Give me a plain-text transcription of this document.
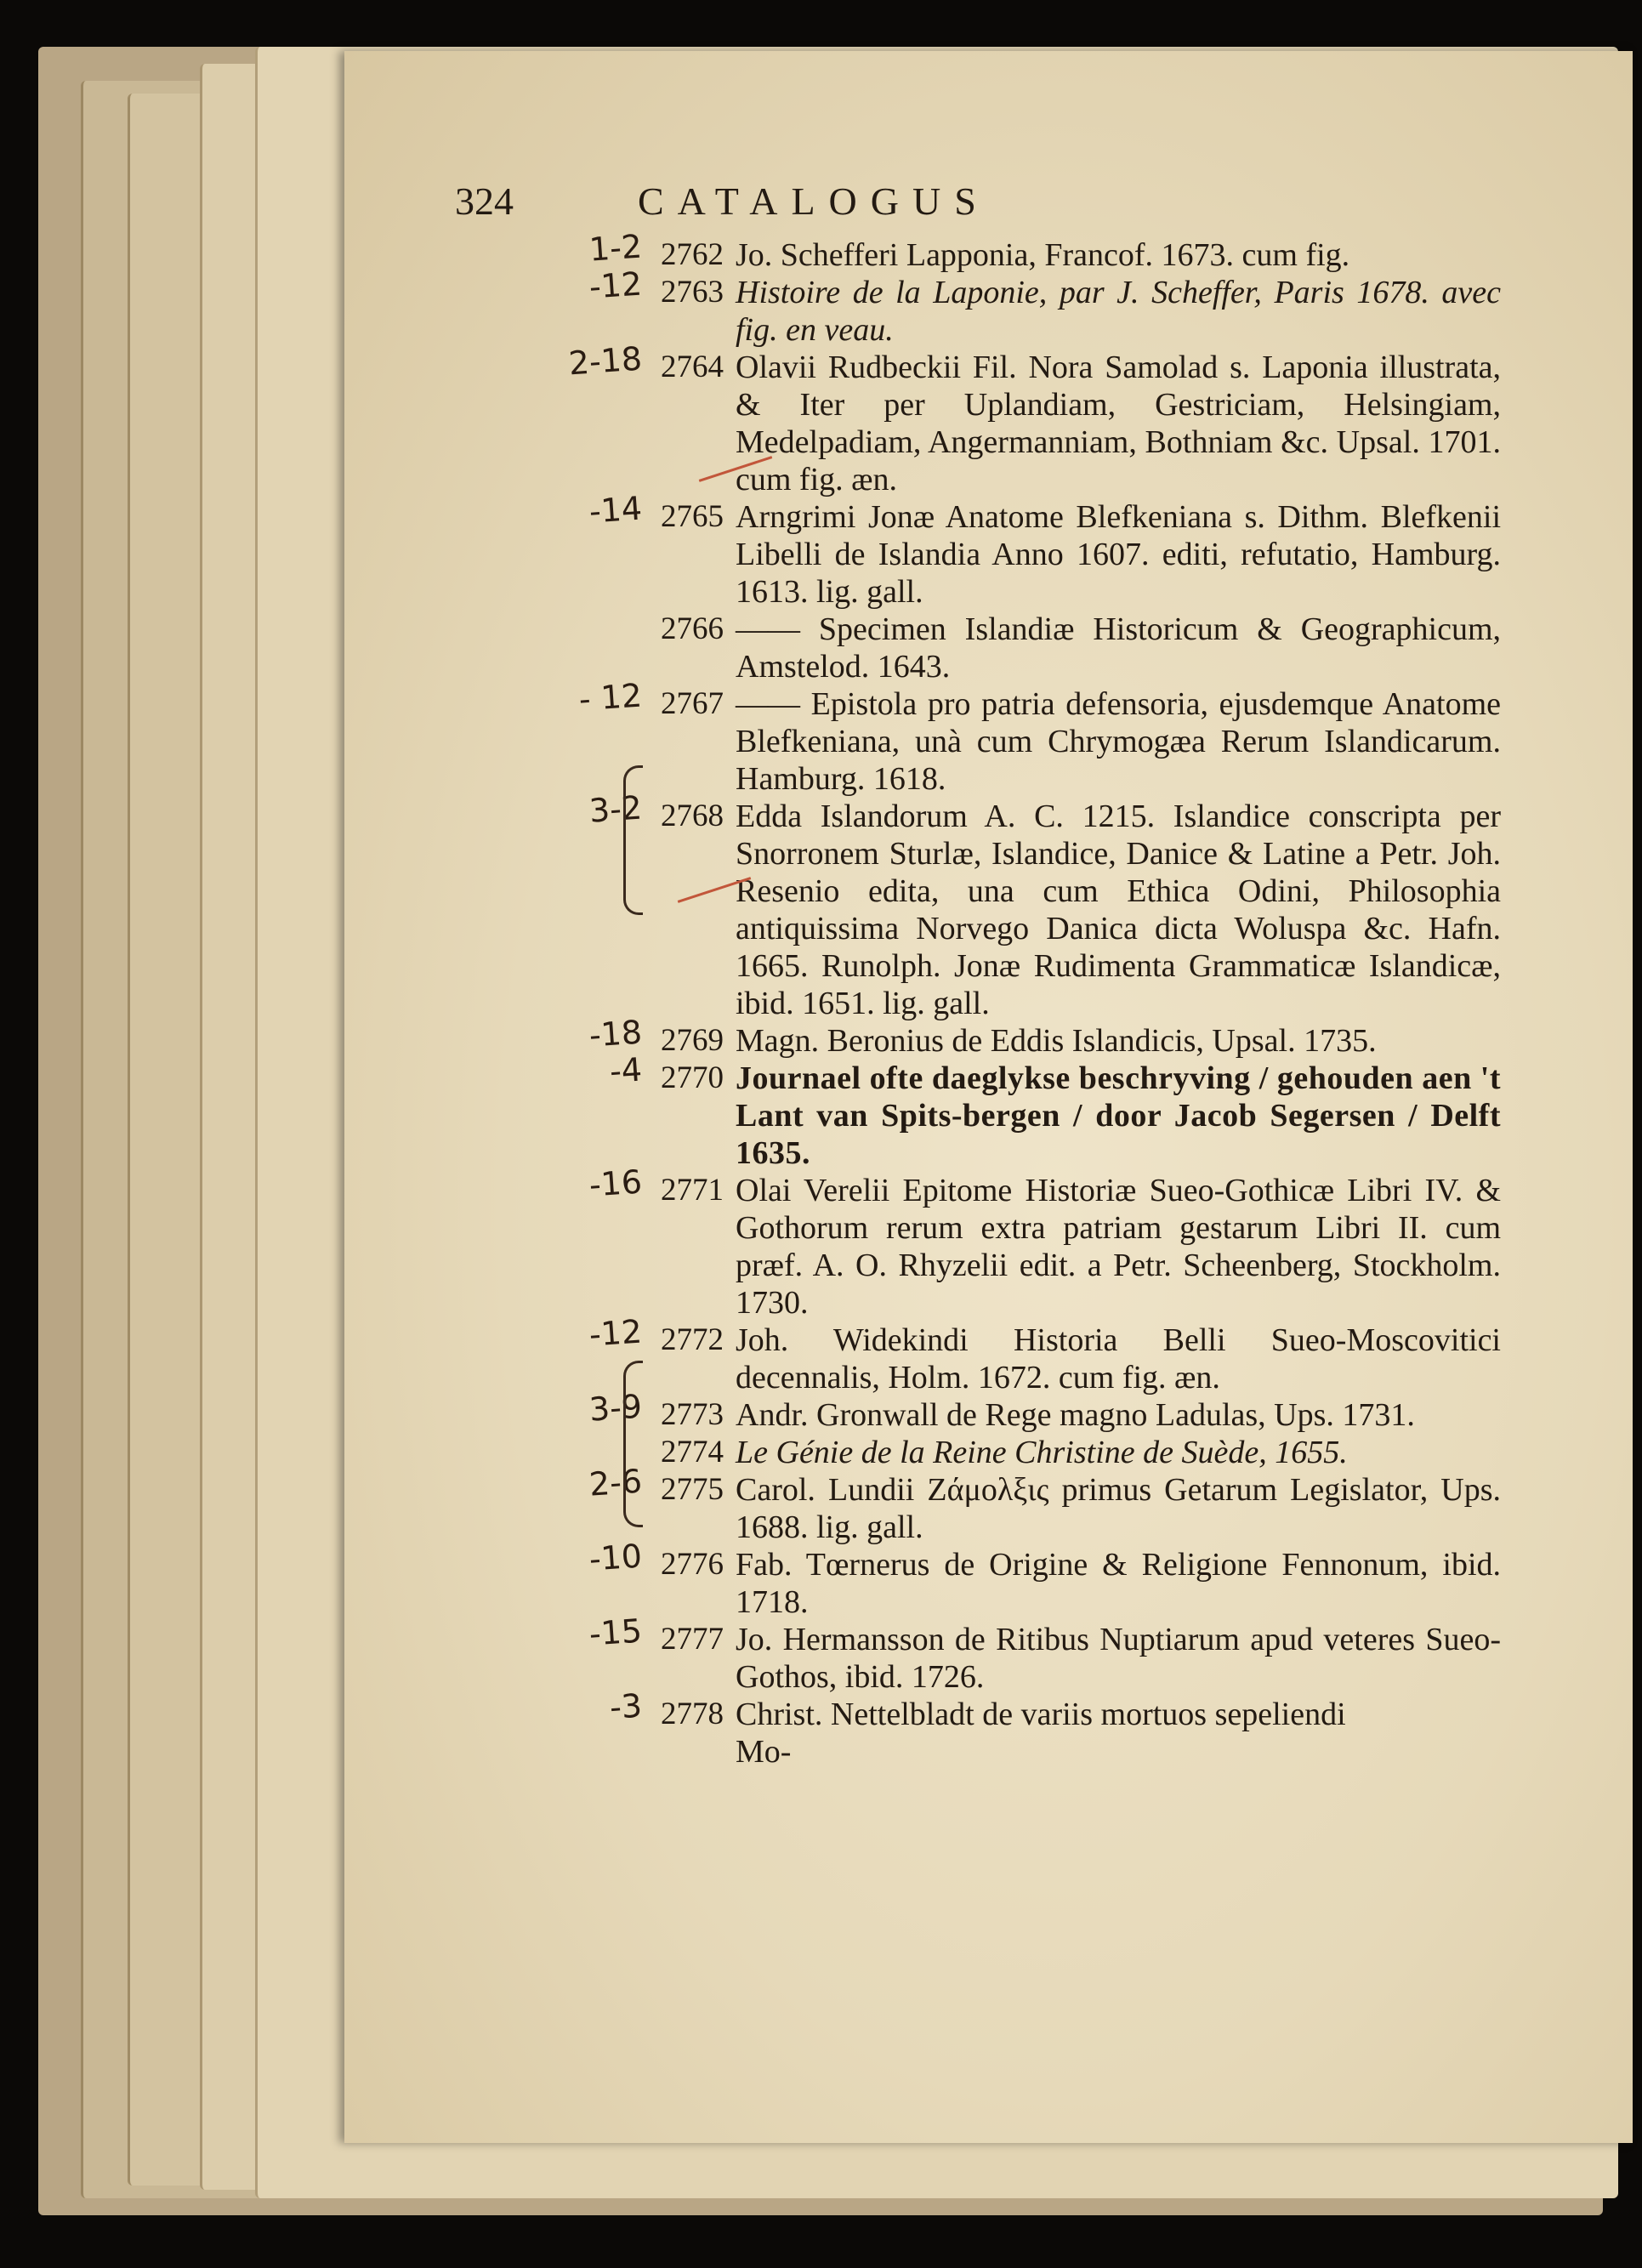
324	CATALOGUS
1-2 2762 Jo. Schefferi Lapponia, Francof. 1673. cum fig.
-12 2763 Histoire de la Laponie, par J. Scheffer, Paris 1678. avec fig. en veau.
2-18 2764 Olavii Rudbeckii Fil. Nora Samolad s. Laponia illustrata, & Iter per Uplandiam, Gestriciam, Helsingiam, Medelpadiam, Angermanniam, Bothniam &c. Upsal. 1701. cum fig. æn.
-14 2765 Arngrimi Jonæ Anatome Blefkeniana s. Dithm. Blefkenii Libelli de Islandia Anno 1607. editi, refutatio, Hamburg. 1613. lig. gall.
2766 —— Specimen Islandiæ Historicum & Geographicum, Amstelod. 1643.
- 12 2767 —— Epistola pro patria defensoria, ejusdemque Anatome Blefkeniana, unà cum Chrymogæa Rerum Islandicarum. Hamburg. 1618.
3-2 2768 Edda Islandorum A. C. 1215. Islandice conscripta per Snorronem Sturlæ, Islandice, Danice & Latine a Petr. Joh. Resenio edita, una cum Ethica Odini, Philosophia antiquissima Norvego Danica dicta Woluspa &c. Hafn. 1665. Runolph. Jonæ Rudimenta Grammaticæ Islandicæ, ibid. 1651. lig. gall.
-18 2769 Magn. Beronius de Eddis Islandicis, Upsal. 1735.
-4 2770 Journael ofte daeglykse beschryving / gehouden aen 't Lant van Spits-bergen / door Jacob Segersen / Delft 1635.
-16 2771 Olai Verelii Epitome Historiæ Sueo-Gothicæ Libri IV. & Gothorum rerum extra patriam gestarum Libri II. cum præf. A. O. Rhyzelii edit. a Petr. Scheenberg, Stockholm. 1730.
-12 2772 Joh. Widekindi Historia Belli Sueo-Moscovitici decennalis, Holm. 1672. cum fig. æn.
3-9 2773 Andr. Gronwall de Rege magno Ladulas, Ups. 1731.
2774 Le Génie de la Reine Christine de Suède, 1655.
2-6 2775 Carol. Lundii Ζάμολξις primus Getarum Legislator, Ups. 1688. lig. gall.
-10 2776 Fab. Tœrnerus de Origine & Religione Fennonum, ibid. 1718.
-15 2777 Jo. Hermansson de Ritibus Nuptiarum apud veteres Sueo-Gothos, ibid. 1726.
-3 2778 Christ. Nettelbladt de variis mortuos sepeliendi
Mo-
